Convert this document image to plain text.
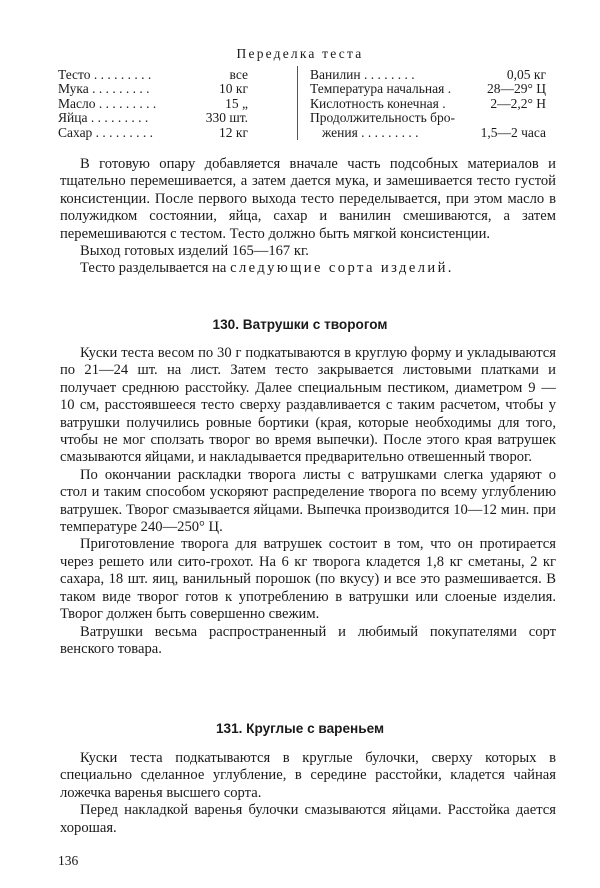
Переделка теста
Тесто . . . . . . . . .	все
Мука . . . . . . . . .	10 кг
Масло . . . . . . . . .	15 „
Яйца . . . . . . . . .	330 шт.
Сахар . . . . . . . . .	12 кг
Ванилин . . . . . . . .	0,05 кг
Температура начальная .	28—29° Ц
Кислотность конечная .	2—2,2° Н
Продолжительность бро-
жения . . . . . . . . .	1,5—2 часа

В готовую опару добавляется вначале часть подсобных материалов и тщательно перемешивается, а затем дается мука, и замешивается тесто густой консистенции. После первого выхода тесто переделывается, при этом масло в полужидком состоянии, яйца, сахар и ванилин смешиваются, а затем перемешиваются с тестом. Тесто должно быть мягкой консистенции.

Выход готовых изделий 165—167 кг.

Тесто разделывается на следующие сорта изделий.

130. Ватрушки с творогом

Куски теста весом по 30 г подкатываются в круглую форму и укладываются по 21—24 шт. на лист. Затем тесто закрывается листовыми платками и получает среднюю расстойку. Далее специальным пестиком, диаметром 9 — 10 см, расстоявшееся тесто сверху раздавливается с таким расчетом, чтобы у ватрушки получились ровные бортики (края, которые необходимы для того, чтобы не мог сползать творог во время выпечки). После этого края ватрушек смазываются яйцами, и накладывается предварительно отвешенный творог.

По окончании раскладки творога листы с ватрушками слегка ударяют о стол и таким способом ускоряют распределение творога по всему углублению ватрушек. Творог смазывается яйцами. Выпечка производится 10—12 мин. при температуре 240—250° Ц.

Приготовление творога для ватрушек состоит в том, что он протирается через решето или сито-грохот. На 6 кг творога кладется 1,8 кг сметаны, 2 кг сахара, 18 шт. яиц, ванильный порошок (по вкусу) и все это размешивается. В таком виде творог готов к употреблению в ватрушки или слоеные изделия. Творог должен быть совершенно свежим.

Ватрушки весьма распространенный и любимый покупателями сорт венского товара.

131. Круглые с вареньем

Куски теста подкатываются в круглые булочки, сверху которых в специально сделанное углубление, в середине расстойки, кладется чайная ложечка варенья высшего сорта.

Перед накладкой варенья булочки смазываются яйцами. Расстойка дается хорошая.

136
